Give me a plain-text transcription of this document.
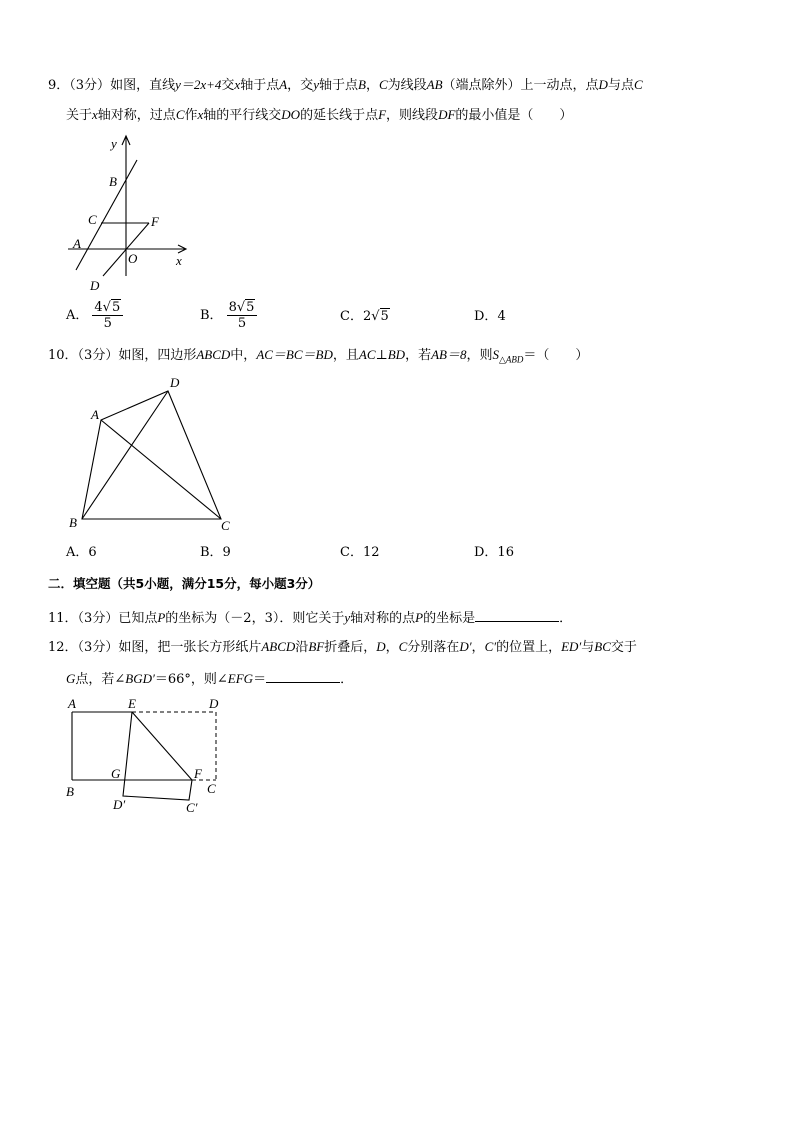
9．（3分）如图，直线y＝2x+4交x轴于点A，交y轴于点B，C为线段AB（端点除外）上一动点，点D与点C
关于x轴对称，过点C作x轴的平行线交DO的延长线于点F，则线段DF的最小值是（　　）
y
x
B
C	F
A
O
D
A． $\frac{4√5}{5}$	B． $\frac{8√5}{5}$	C．2√5	D．4
10．（3分）如图，四边形ABCD中，AC＝BC＝BD，且AC⊥BD，若AB＝8，则$S_{\triangle ABD}=$（　　）
A
D
B	C
A．6	B．9	C．12	D．16
二．填空题（共5小题，满分15分，每小题3分）
11．（3分）已知点P的坐标为（－2，3）．则它关于y轴对称的点P的坐标是	．
12．（3分）如图，把一张长方形纸片ABCD沿BF折叠后，D，C分别落在D′，C′的位置上，ED′与BC交于
G点，若∠BGD′＝66°，则∠EFG＝	．
A	E	D
G	F
B	C
D′	C′
